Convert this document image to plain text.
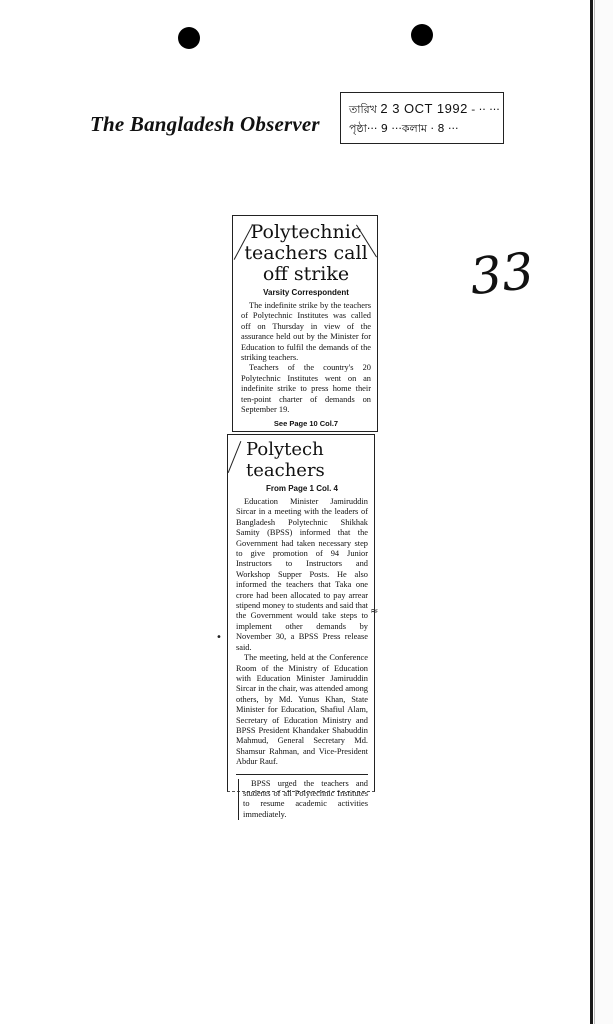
The Bangladesh Observer
তারিখ 2 3 OCT 1992 - ·· ···
পৃষ্ঠা··· 9 ···কলাম · 8 ···
33
Polytechnic
teachers call
off strike
Varsity Correspondent

The indefinite strike by the teachers of Polytechnic Institutes was called off on Thursday in view of the assurance held out by the Minister for Education to fulfil the demands of the striking teachers.

Teachers of the country's 20 Polytechnic Institutes went on an indefinite strike to press home their ten-point charter of demands on September 19.

See Page 10 Col.7
Polytech teachers
From Page 1 Col. 4

Education Minister Jamiruddin Sircar in a meeting with the leaders of Bangladesh Polytechnic Shikhak Samity (BPSS) informed that the Government had taken necessary step to give promotion of 94 Junior Instructors to Instructors and Workshop Supper Posts. He also informed the teachers that Taka one crore had been allocated to pay arrear stipend money to students and said that the Government would take steps to implement other demands by November 30, a BPSS Press release said.

The meeting, held at the Conference Room of the Ministry of Education with Education Minister Jamiruddin Sircar in the chair, was attended among others, by Md. Yunus Khan, State Minister for Education, Shafiul Alam, Secretary of Education Ministry and BPSS President Khandaker Shabuddin Mahmud, General Secretary Md. Shamsur Rahman, and Vice-President Abdur Rauf.

BPSS urged the teachers and students of all Polytechnic Institutes to resume academic activities immediately.

•
≈
